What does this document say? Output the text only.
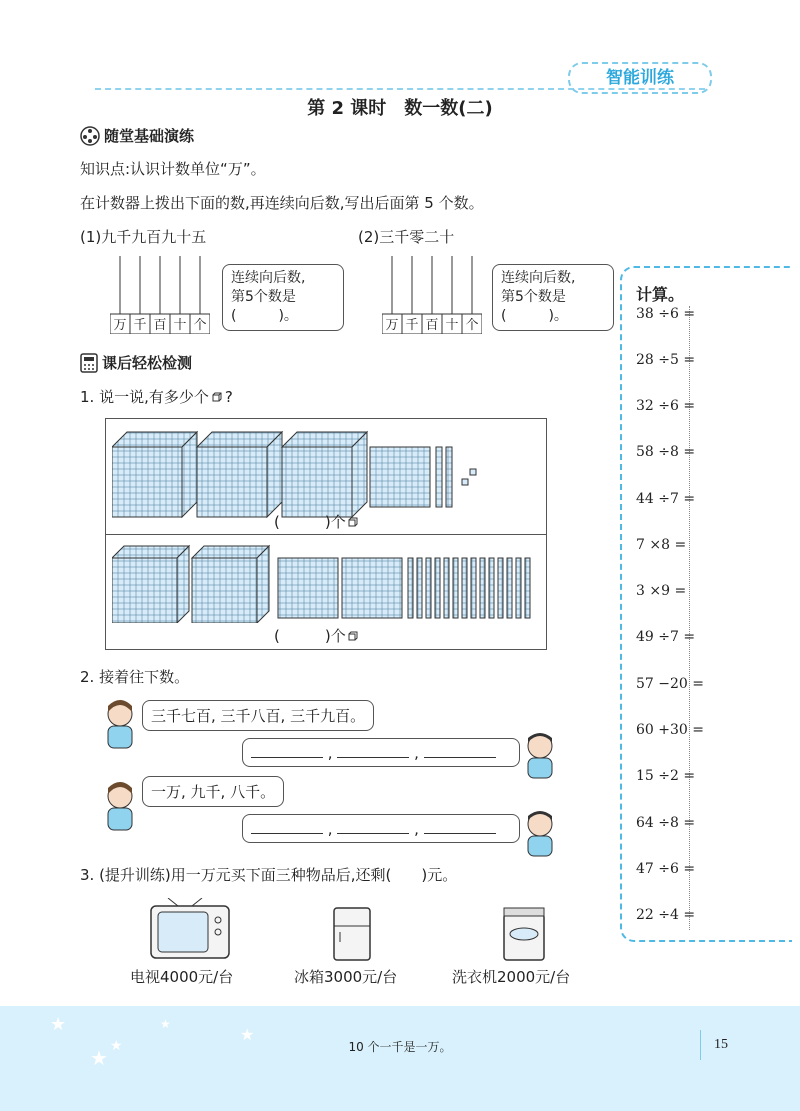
智能训练
第 2 课时　数一数(二)
随堂基础演练
知识点:认识计数单位“万”。
在计数器上拨出下面的数,再连续向后数,写出后面第 5 个数。
(1)九千九百九十五	(2)三千零二十
万 千 百 十 个
连续向后数,
第5个数是
(　　　)。
万 千 百 十 个
连续向后数,
第5个数是
(　　　)。
课后轻松检测
1. 说一说,有多少个 ?
(　　　)个
(　　　)个
2. 接着往下数。
三千七百, 三千八百, 三千九百。
,	,
一万, 九千, 八千。
,	,
3. (提升训练)用一万元买下面三种物品后,还剩(　　)元。
电视4000元/台	冰箱3000元/台	洗衣机2000元/台
计算。
38 ÷6 =
28 ÷5 =
32 ÷6 =
58 ÷8 =
44 ÷7 =
7 ×8 =
3 ×9 =
49 ÷7 =
57 −20 =
60 +30 =
15 ÷2 =
64 ÷8 =
47 ÷6 =
22 ÷4 =
★
★
★
★
★	10 个一千是一万。	15
